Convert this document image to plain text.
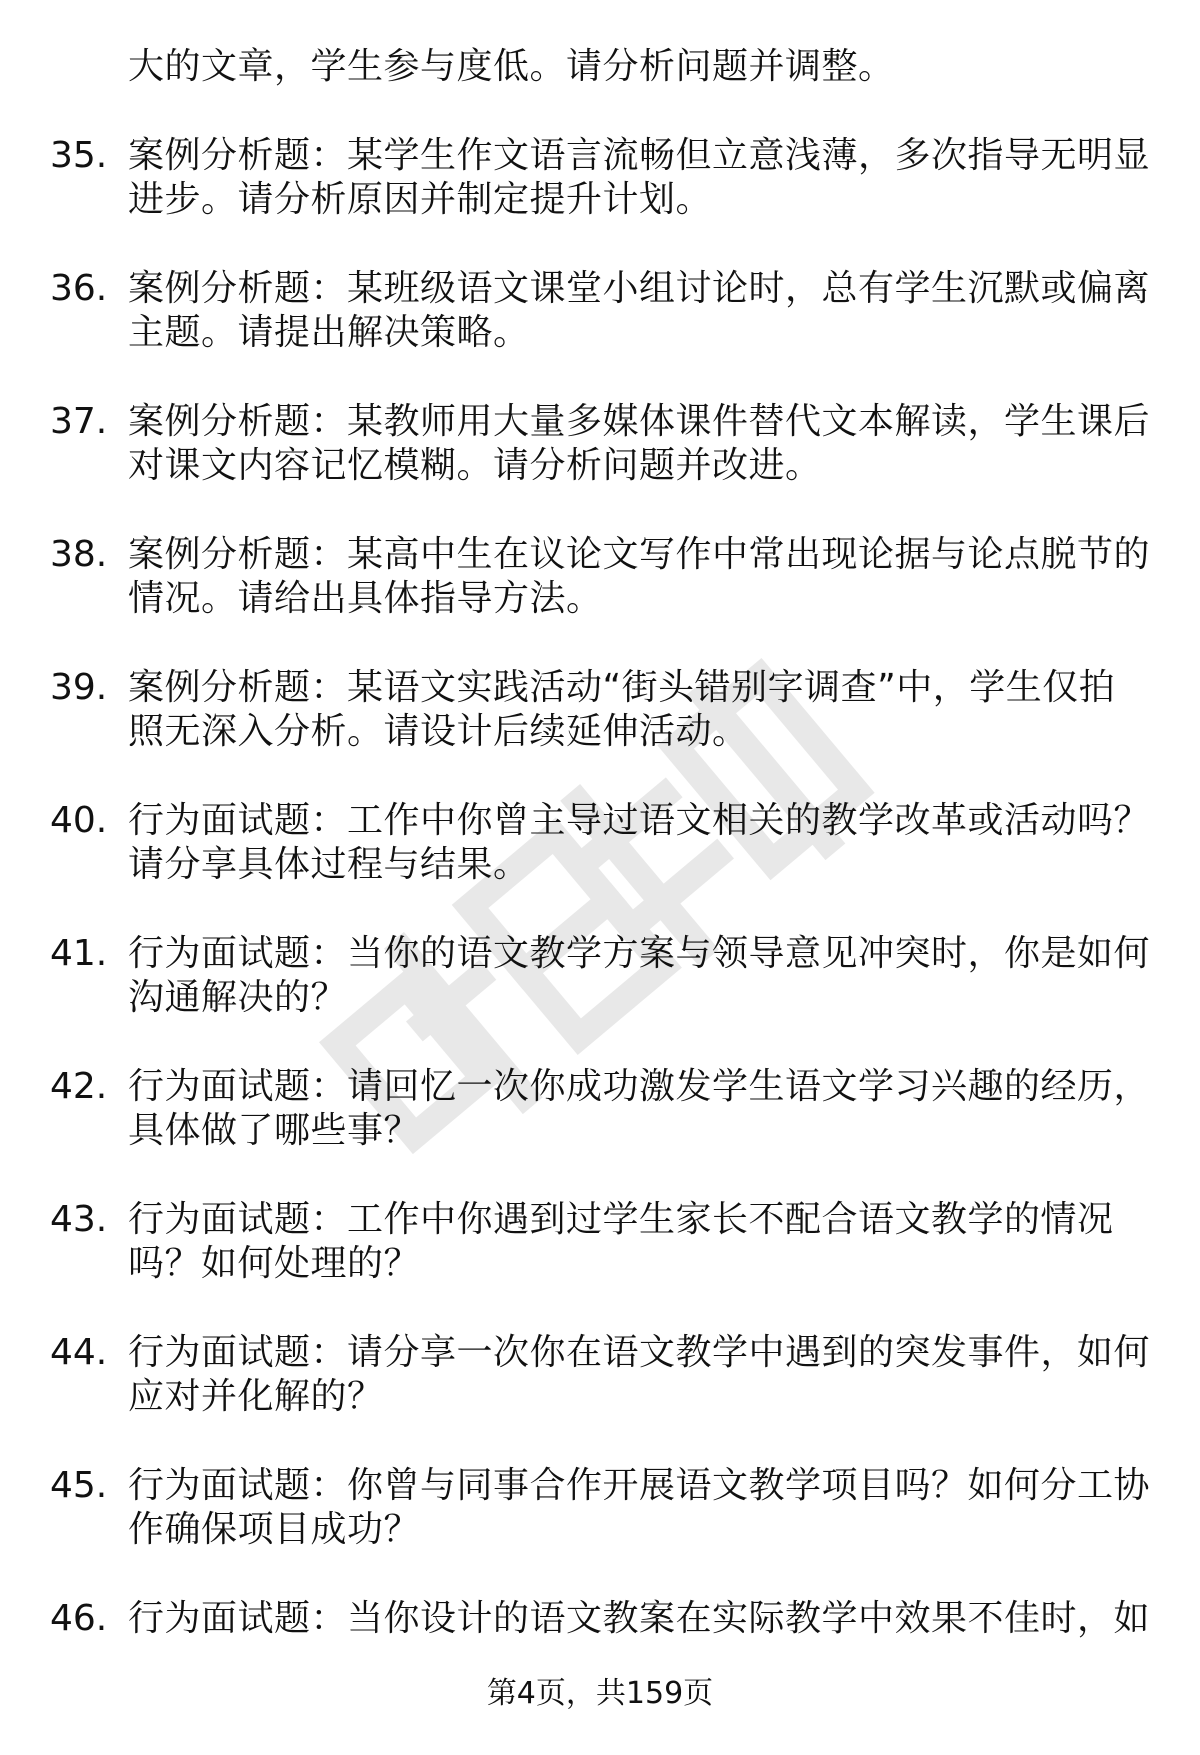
大的文章，学生参与度低。请分析问题并调整。
35. 案例分析题：某学生作文语言流畅但立意浅薄，多次指导无明显
进步。请分析原因并制定提升计划。
36. 案例分析题：某班级语文课堂小组讨论时，总有学生沉默或偏离
主题。请提出解决策略。
37. 案例分析题：某教师用大量多媒体课件替代文本解读，学生课后
对课文内容记忆模糊。请分析问题并改进。
38. 案例分析题：某高中生在议论文写作中常出现论据与论点脱节的
情况。请给出具体指导方法。
39. 案例分析题：某语文实践活动“街头错别字调查”中，学生仅拍
照无深入分析。请设计后续延伸活动。
40. 行为面试题：工作中你曾主导过语文相关的教学改革或活动吗？
请分享具体过程与结果。
41. 行为面试题：当你的语文教学方案与领导意见冲突时，你是如何
沟通解决的？
42. 行为面试题：请回忆一次你成功激发学生语文学习兴趣的经历，
具体做了哪些事？
43. 行为面试题：工作中你遇到过学生家长不配合语文教学的情况
吗？如何处理的？
44. 行为面试题：请分享一次你在语文教学中遇到的突发事件，如何
应对并化解的？
45. 行为面试题：你曾与同事合作开展语文教学项目吗？如何分工协
作确保项目成功？
46. 行为面试题：当你设计的语文教案在实际教学中效果不佳时，如
第4页，共159页
